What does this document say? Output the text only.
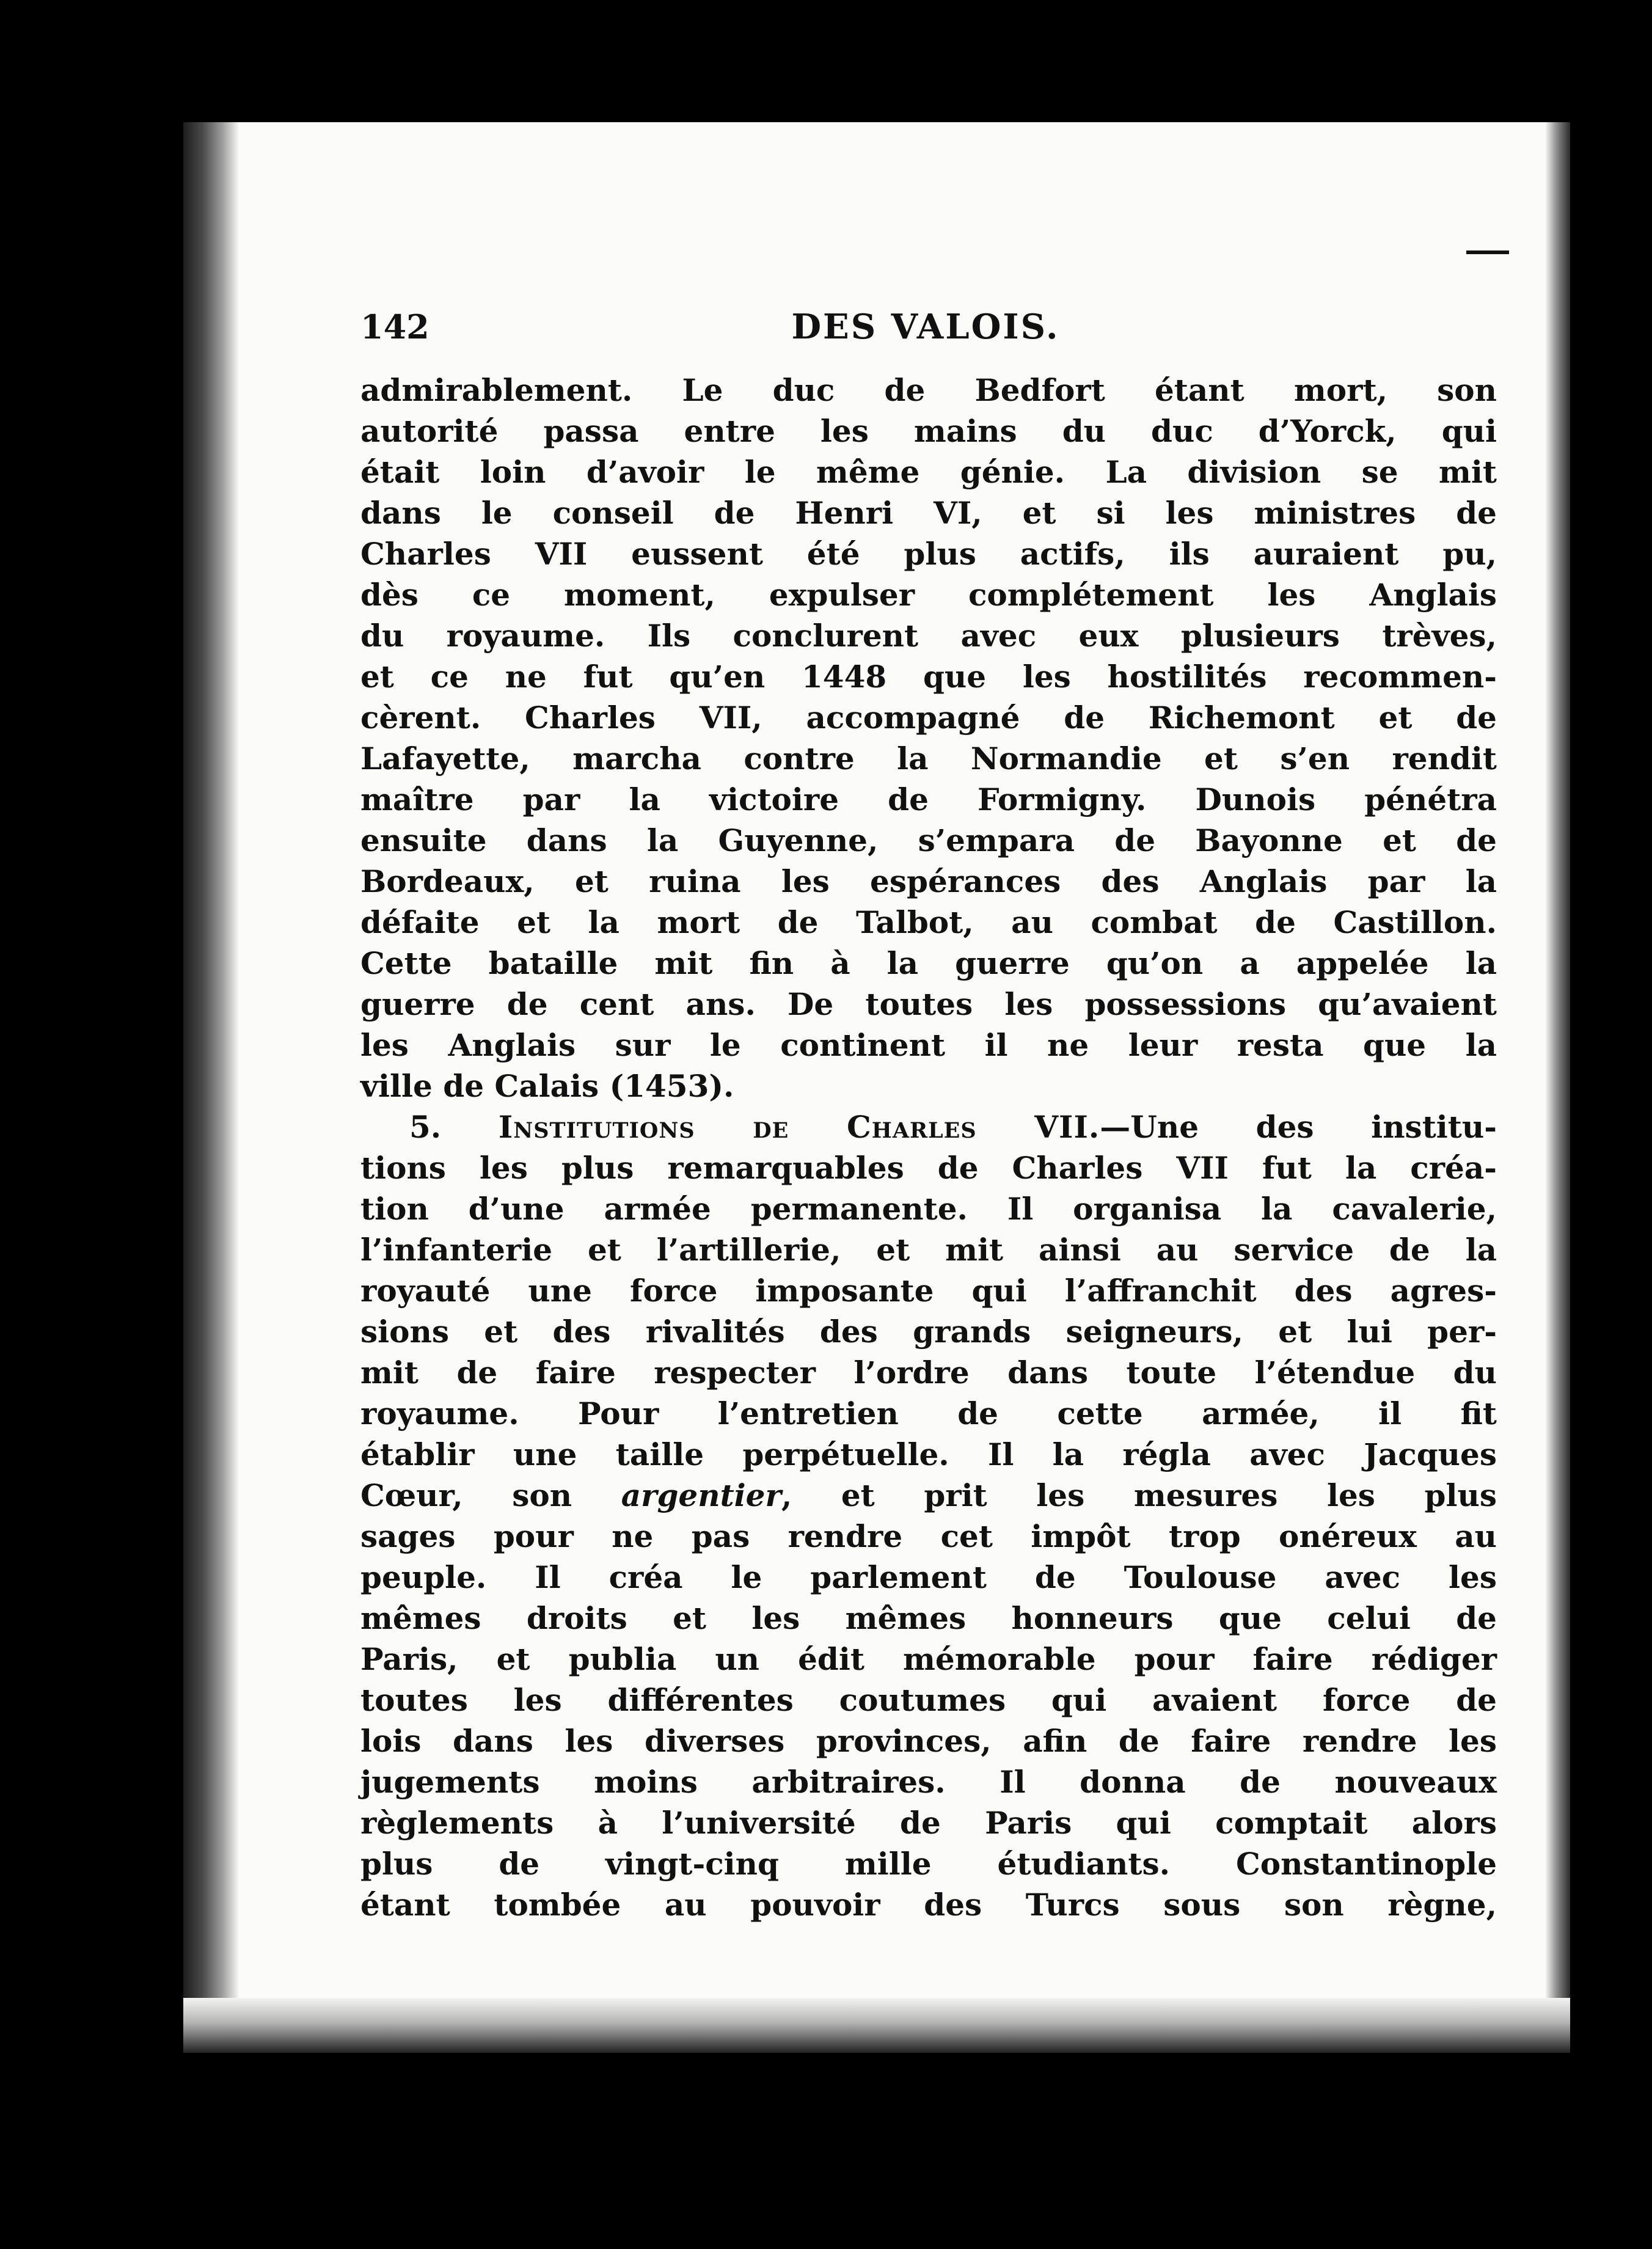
142	DES VALOIS.
admirablement. Le duc de Bedfort étant mort, son
autorité passa entre les mains du duc d’Yorck, qui
était loin d’avoir le même génie. La division se mit
dans le conseil de Henri VI, et si les ministres de
Charles VII eussent été plus actifs, ils auraient pu,
dès ce moment, expulser complétement les Anglais
du royaume. Ils conclurent avec eux plusieurs trèves,
et ce ne fut qu’en 1448 que les hostilités recommen-
cèrent. Charles VII, accompagné de Richemont et de
Lafayette, marcha contre la Normandie et s’en rendit
maître par la victoire de Formigny. Dunois pénétra
ensuite dans la Guyenne, s’empara de Bayonne et de
Bordeaux, et ruina les espérances des Anglais par la
défaite et la mort de Talbot, au combat de Castillon.
Cette bataille mit fin à la guerre qu’on a appelée la
guerre de cent ans. De toutes les possessions qu’avaient
les Anglais sur le continent il ne leur resta que la
ville de Calais (1453).
5. Institutions de Charles VII.—Une des institu-
tions les plus remarquables de Charles VII fut la créa-
tion d’une armée permanente. Il organisa la cavalerie,
l’infanterie et l’artillerie, et mit ainsi au service de la
royauté une force imposante qui l’affranchit des agres-
sions et des rivalités des grands seigneurs, et lui per-
mit de faire respecter l’ordre dans toute l’étendue du
royaume. Pour l’entretien de cette armée, il fit
établir une taille perpétuelle. Il la régla avec Jacques
Cœur, son argentier, et prit les mesures les plus
sages pour ne pas rendre cet impôt trop onéreux au
peuple. Il créa le parlement de Toulouse avec les
mêmes droits et les mêmes honneurs que celui de
Paris, et publia un édit mémorable pour faire rédiger
toutes les différentes coutumes qui avaient force de
lois dans les diverses provinces, afin de faire rendre les
jugements moins arbitraires. Il donna de nouveaux
règlements à l’université de Paris qui comptait alors
plus de vingt-cinq mille étudiants. Constantinople
étant tombée au pouvoir des Turcs sous son règne,
